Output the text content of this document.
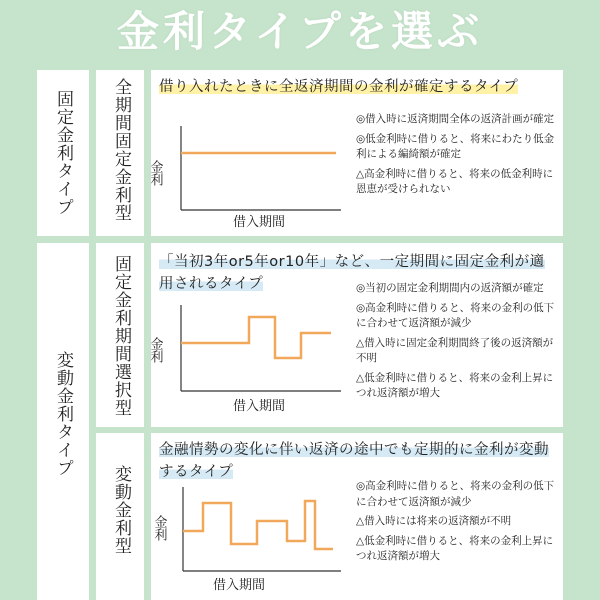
金利タイプを選ぶ
固定金利タイプ
変動金利タイプ
全期間固定金利型
固定金利期間選択型
変動金利型
借り入れたときに全返済期間の金利が確定するタイプ
金利
借入期間

◎借入時に返済期間全体の返済計画が確定

◎低金利時に借りると、将来にわたり低金利による編綺額が確定

△高金利時に借りると、将来の低金利時に恩恵が受けられない

「当初3年or5年or10年」など、一定期間に固定金利が適用されるタイプ
金利
借入期間

◎当初の固定金利期間内の返済額が確定

◎高金利時に借りると、将来の金利の低下に合わせて返済額が減少

△借入時に固定金利期間終了後の返済額が不明

△低金利時に借りると、将来の金利上昇につれ返済額が増大

金融情勢の変化に伴い返済の途中でも定期的に金利が変動するタイプ
金利
借入期間

◎高金利時に借りると、将来の金利の低下に合わせて返済額が減少

△借入時には将来の返済額が不明

△低金利時に借りると、将来の金利上昇につれ返済額が増大
